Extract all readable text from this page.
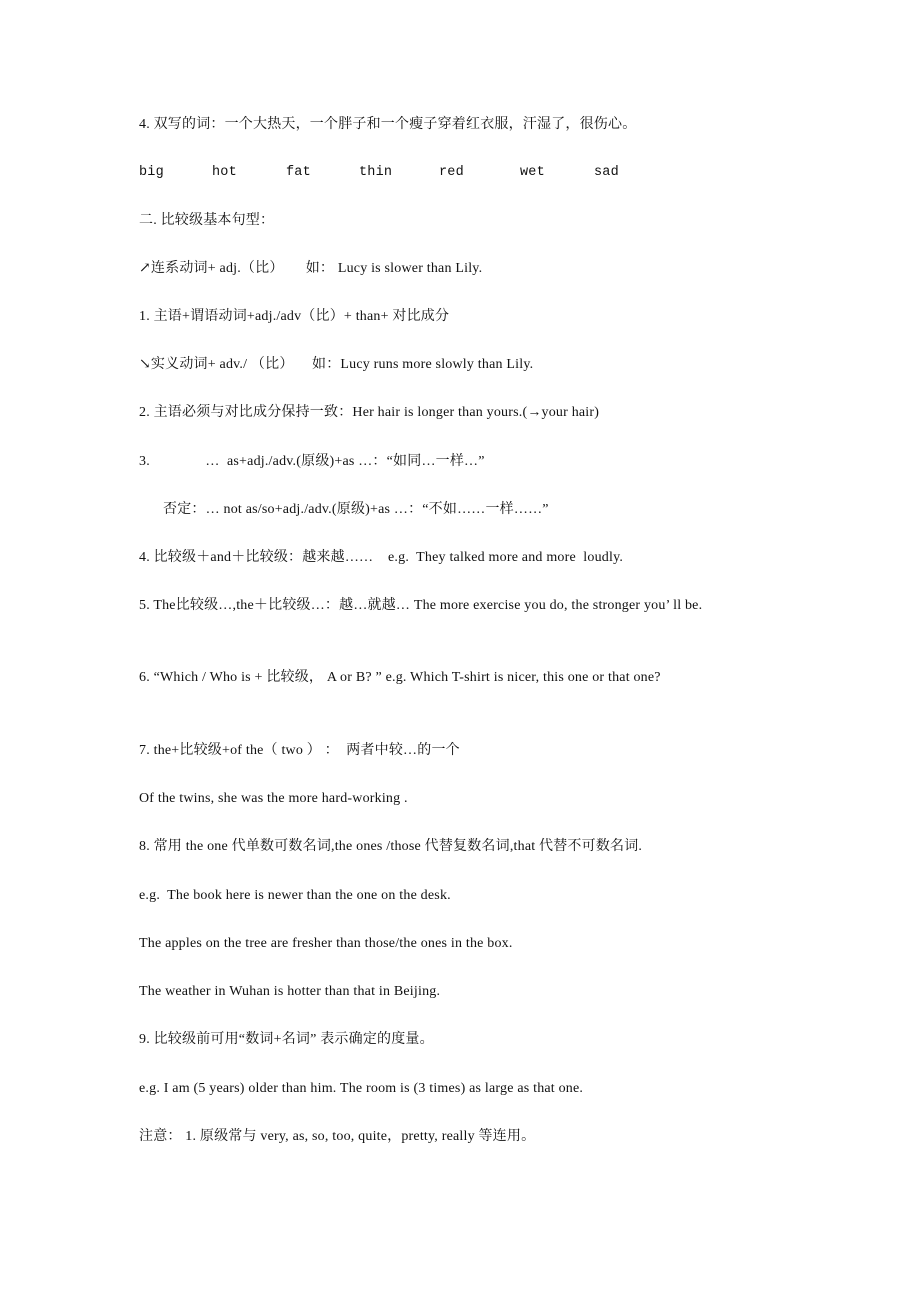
4. 双写的词：一个大热天，一个胖子和一个瘦子穿着红衣服，汗湿了，很伤心。

big

	hot

	fat

	thin

	red

	wet

	sad

二. 比较级基本句型：
↗连系动词+ adj.（比）      如： Lucy is slower than Lily.
1. 主语+谓语动词+adj./adv（比）+ than+ 对比成分
↘实义动词+ adv./ （比）     如：Lucy runs more slowly than Lily.
2. 主语必须与对比成分保持一致：Her hair is longer than yours.(→your hair)
3.               …  as+adj./adv.(原级)+as …：“如同…一样…”
否定：… not as/so+adj./adv.(原级)+as …：“不如……一样……”
4. 比较级＋and＋比较级：越来越……    e.g.  They talked more and more  loudly.
5. The比较级…,the＋比较级…：越…就越… The more exercise you do, the stronger you’ ll be.
6. “Which / Who is + 比较级， A or B? ” e.g. Which T-shirt is nicer, this one or that one?
7. the+比较级+of the（ two ） ：  两者中较…的一个
Of the twins, she was the more hard-working .
8. 常用 the one 代单数可数名词,the ones /those 代替复数名词,that 代替不可数名词.
e.g.  The book here is newer than the one on the desk.
The apples on the tree are fresher than those/the ones in the box.
The weather in Wuhan is hotter than that in Beijing.
9. 比较级前可用“数词+名词” 表示确定的度量。
e.g. I am (5 years) older than him. The room is (3 times) as large as that one.
注意： 1. 原级常与 very, as, so, too, quite，pretty, really 等连用。
